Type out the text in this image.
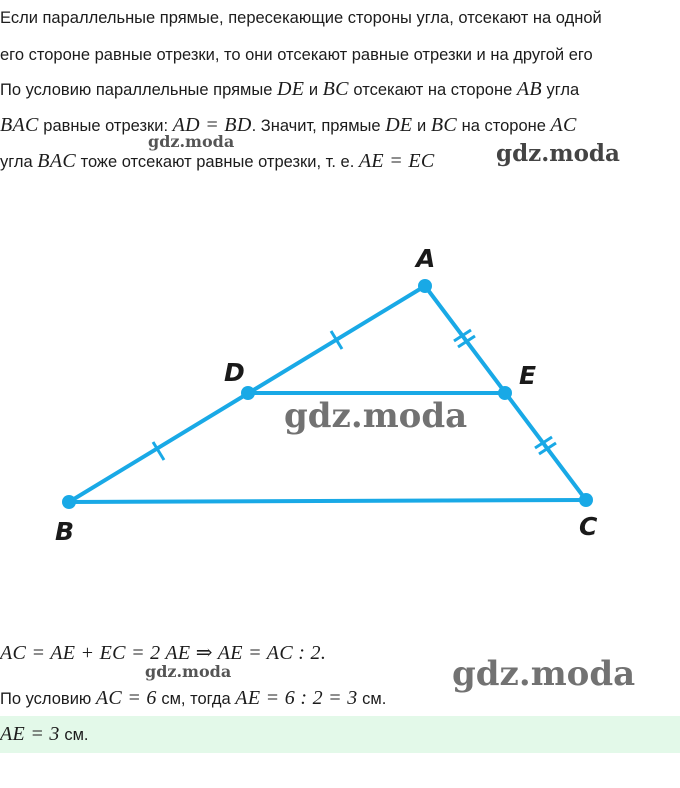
Если параллельные прямые, пересекающие стороны угла, отсекают на одной
его стороне равные отрезки, то они отсекают равные отрезки и на другой его
По условию параллельные прямые DE и BC отсекают на стороне AB угла
BAC равные отрезки: AD = BD. Значит, прямые DE и BC на стороне AC
угла BAC тоже отсекают равные отрезки, т. е. AE = EC
gdz.moda	gdz.moda
A
B	C
D	E
gdz.moda
AC = AE + EC = 2 AE ⇒ AE = AC : 2.
gdz.moda	gdz.moda
По условию AC = 6 см, тогда AE = 6 : 2 = 3 см.
AE = 3 см.
